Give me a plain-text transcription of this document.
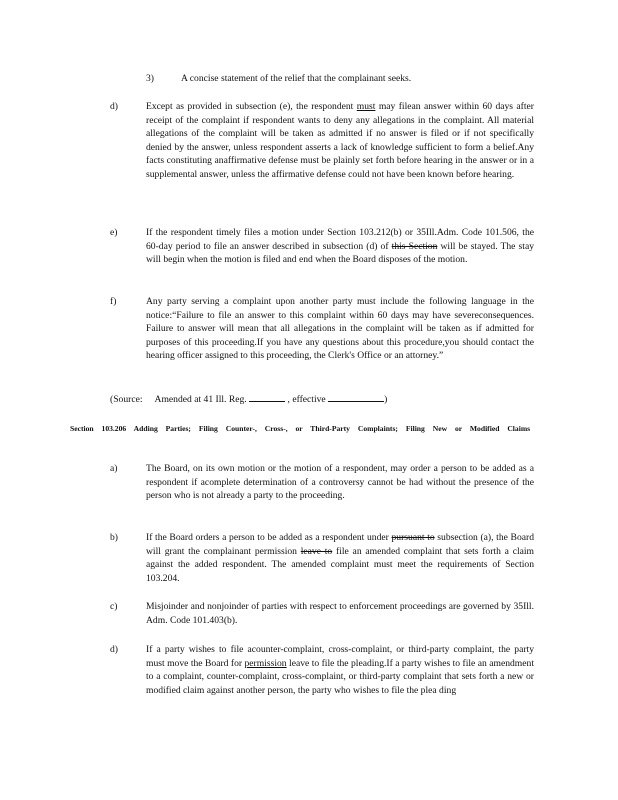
3)	A concise statement of the relief that the complainant seeks.
d)	Except as provided in subsection (e), the respondent must may filean answer within 60 days after receipt of the complaint if respondent wants to deny any allegations in the complaint. All material allegations of the complaint will be taken as admitted if no answer is filed or if not specifically denied by the answer, unless respondent asserts a lack of knowledge sufficient to form a belief.Any facts constituting anaffirmative defense must be plainly set forth before hearing in the answer or in a supplemental answer, unless the affirmative defense could not have been known before hearing.
e)	If the respondent timely files a motion under Section 103.212(b) or 35Ill.Adm. Code 101.506, the 60-day period to file an answer described in subsection (d) of this Section will be stayed. The stay will begin when the motion is filed and end when the Board disposes of the motion.
f)	Any party serving a complaint upon another party must include the following language in the notice:“Failure to file an answer to this complaint within 60 days may have severeconsequences. Failure to answer will mean that all allegations in the complaint will be taken as if admitted for purposes of this proceeding.If you have any questions about this procedure,you should contact the hearing officer assigned to this proceeding, the Clerk's Office or an attorney.”
(Source: Amended at 41 Ill. Reg.	, effective	)
Section 103.206 Adding Parties; Filing Counter-, Cross-, or Third-Party Complaints; Filing New or Modified Claims
a)	The Board, on its own motion or the motion of a respondent, may order a person to be added as a respondent if acomplete determination of a controversy cannot be had without the presence of the person who is not already a party to the proceeding.
b)	If the Board orders a person to be added as a respondent under pursuant to subsection (a), the Board will grant the complainant permission leave to file an amended complaint that sets forth a claim against the added respondent. The amended complaint must meet the requirements of Section 103.204.
c)	Misjoinder and nonjoinder of parties with respect to enforcement proceedings are governed by 35Ill. Adm. Code 101.403(b).
d)	If a party wishes to file acounter-complaint, cross-complaint, or third-party complaint, the party must move the Board for permission leave to file the pleading.If a party wishes to file an amendment to a complaint, counter-complaint, cross-complaint, or third-party complaint that sets forth a new or modified claim against another person, the party who wishes to file the plea ding
